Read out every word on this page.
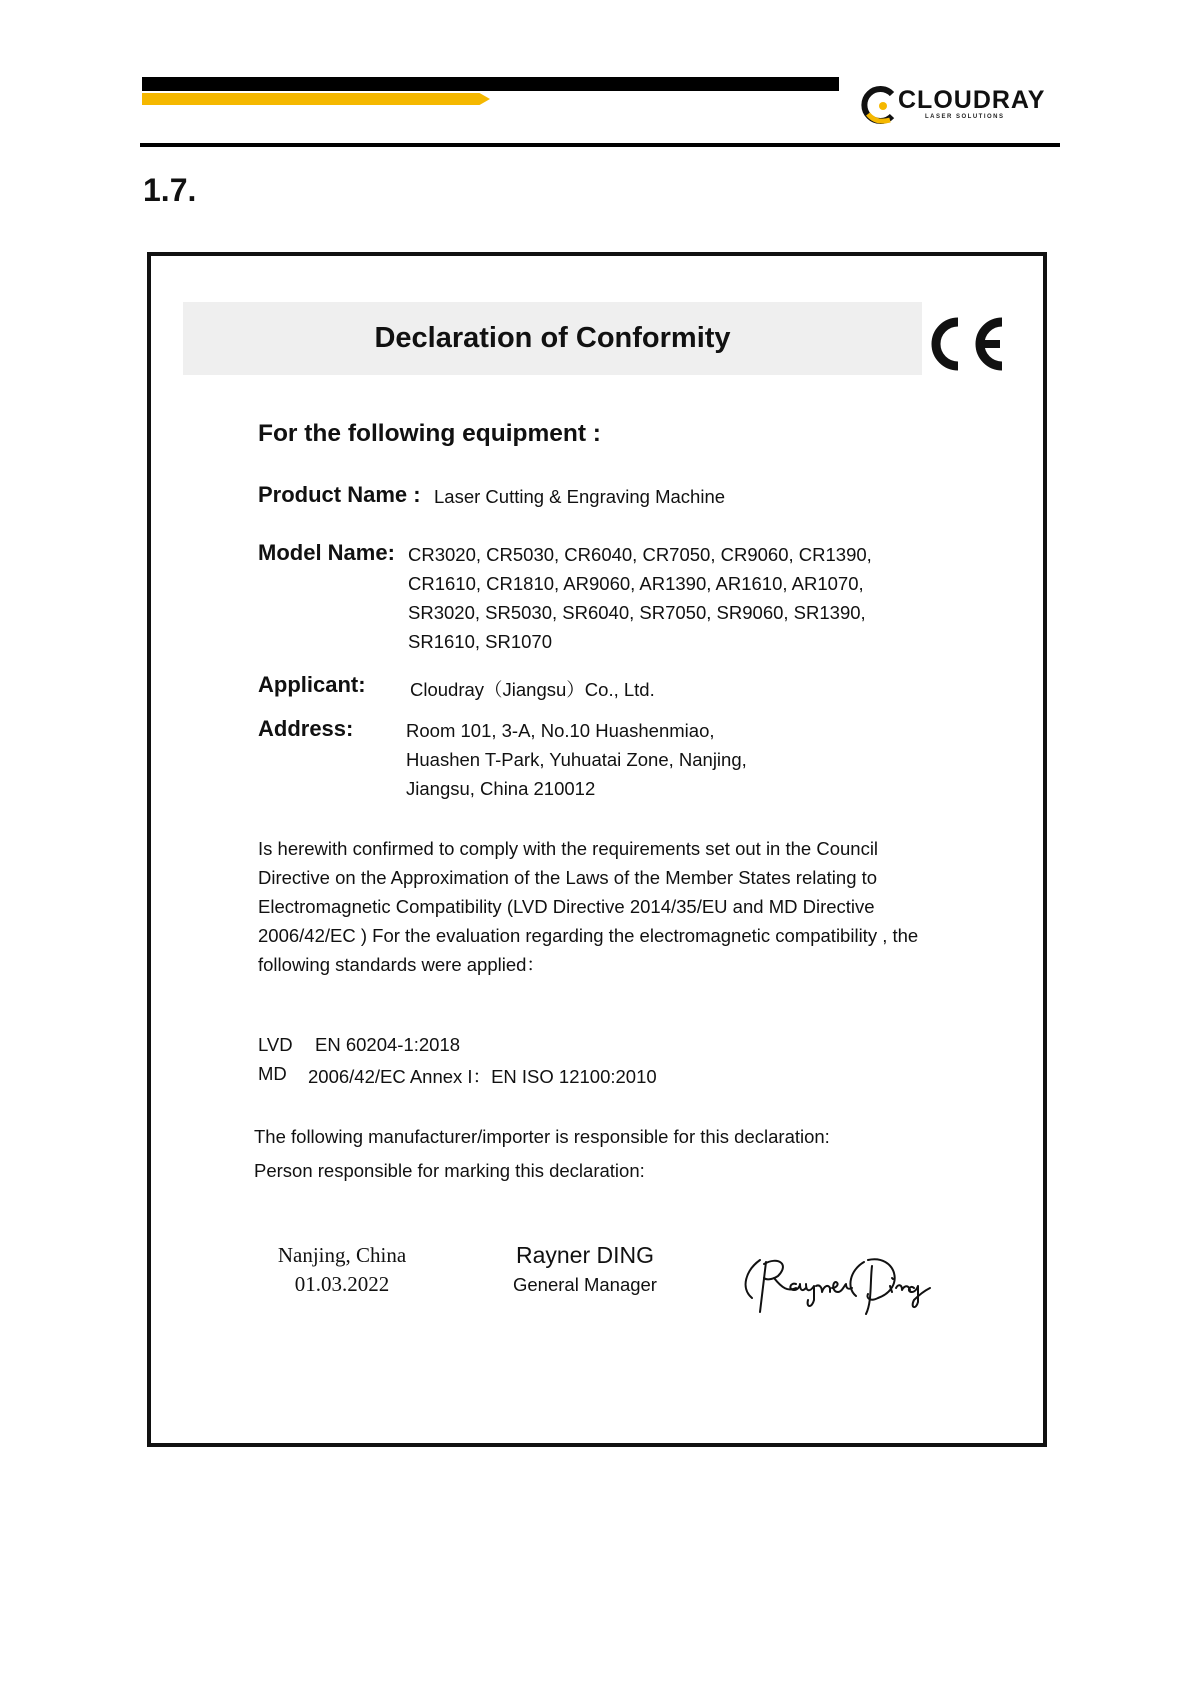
CLOUDRAY
LASER SOLUTIONS
1.7.
Declaration of Conformity
For the following equipment :
Product Name : Laser Cutting & Engraving Machine
Model Name: CR3020, CR5030, CR6040, CR7050, CR9060, CR1390,
CR1610, CR1810, AR9060, AR1390, AR1610, AR1070,
SR3020, SR5030, SR6040, SR7050, SR9060, SR1390,
SR1610, SR1070
Applicant: Cloudray（Jiangsu）Co., Ltd.
Address:	Room 101, 3-A, No.10 Huashenmiao,
Huashen T-Park, Yuhuatai Zone, Nanjing,
Jiangsu, China 210012
Is herewith confirmed to comply with the requirements set out in the Council
Directive on the Approximation of the Laws of the Member States relating to
Electromagnetic Compatibility (LVD Directive 2014/35/EU and MD Directive
2006/42/EC ) For the evaluation regarding the electromagnetic compatibility , the
following standards were applied：
LVD EN 60204-1:2018
MD 2006/42/EC Annex I：EN ISO 12100:2010
The following manufacturer/importer is responsible for this declaration:
Person responsible for marking this declaration:
Nanjing, China
01.03.2022
Rayner DING
General Manager
